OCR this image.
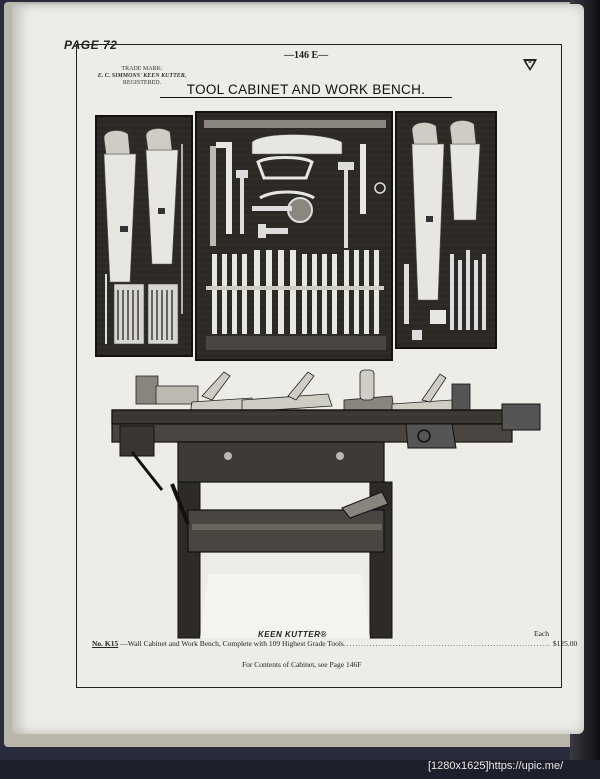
PAGE 72
—146 E—
TRADE MARK:
E. C. SIMMONS' KEEN KUTTER,
REGISTERED.	TOOL CABINET AND WORK BENCH.
KEEN KUTTER®	Each
No. K15 —Wall Cabinet and Work Bench, Complete with 109 Highest Grade Tools ........................................................................ $125.00
For Contents of Cabinet, see Page 146F
[1280x1625]https://upic.me/
